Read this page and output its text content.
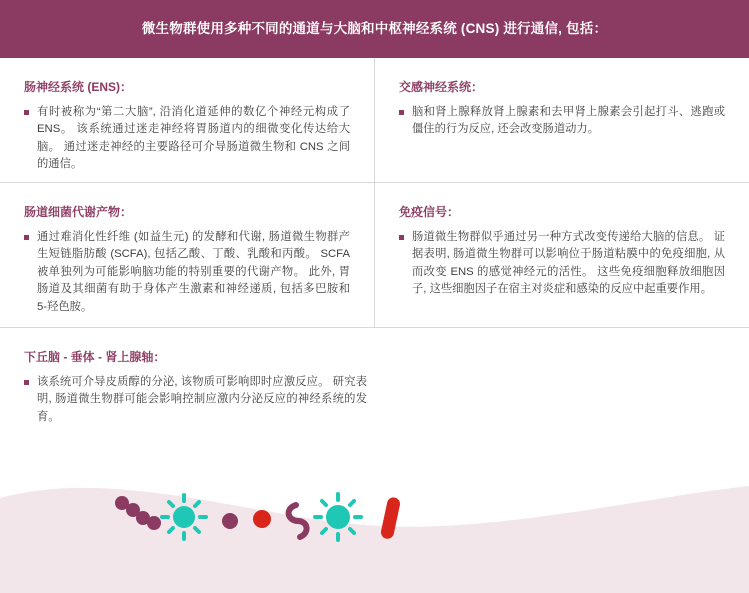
微生物群使用多种不同的通道与大脑和中枢神经系统 (CNS) 进行通信, 包括：
肠神经系统 (ENS)：
有时被称为“第二大脑”, 沿消化道延伸的数亿个神经元构成了 ENS。 该系统通过迷走神经将胃肠道内的细微变化传达给大脑。 通过迷走神经的主要路径可介导肠道微生物和 CNS 之间的通信。
交感神经系统：
脑和肾上腺释放肾上腺素和去甲肾上腺素会引起打斗、逃跑或僵住的行为反应, 还会改变肠道动力。
肠道细菌代谢产物：
通过难消化性纤维 (如益生元) 的发酵和代谢, 肠道微生物群产生短链脂肪酸 (SCFA), 包括乙酸、丁酸、乳酸和丙酸。 SCFA 被单独列为可能影响脑功能的特别重要的代谢产物。 此外, 胃肠道及其细菌有助于身体产生激素和神经递质, 包括多巴胺和 5-羟色胺。
免疫信号：
肠道微生物群似乎通过另一种方式改变传递给大脑的信息。 证据表明, 肠道微生物群可以影响位于肠道粘膜中的免疫细胞, 从而改变 ENS 的感觉神经元的活性。 这些免疫细胞释放细胞因子, 这些细胞因子在宿主对炎症和感染的反应中起重要作用。
下丘脑 - 垂体 - 肾上腺轴：
该系统可介导皮质醇的分泌, 该物质可影响即时应激反应。 研究表明, 肠道微生物群可能会影响控制应激内分泌反应的神经系统的发育。
